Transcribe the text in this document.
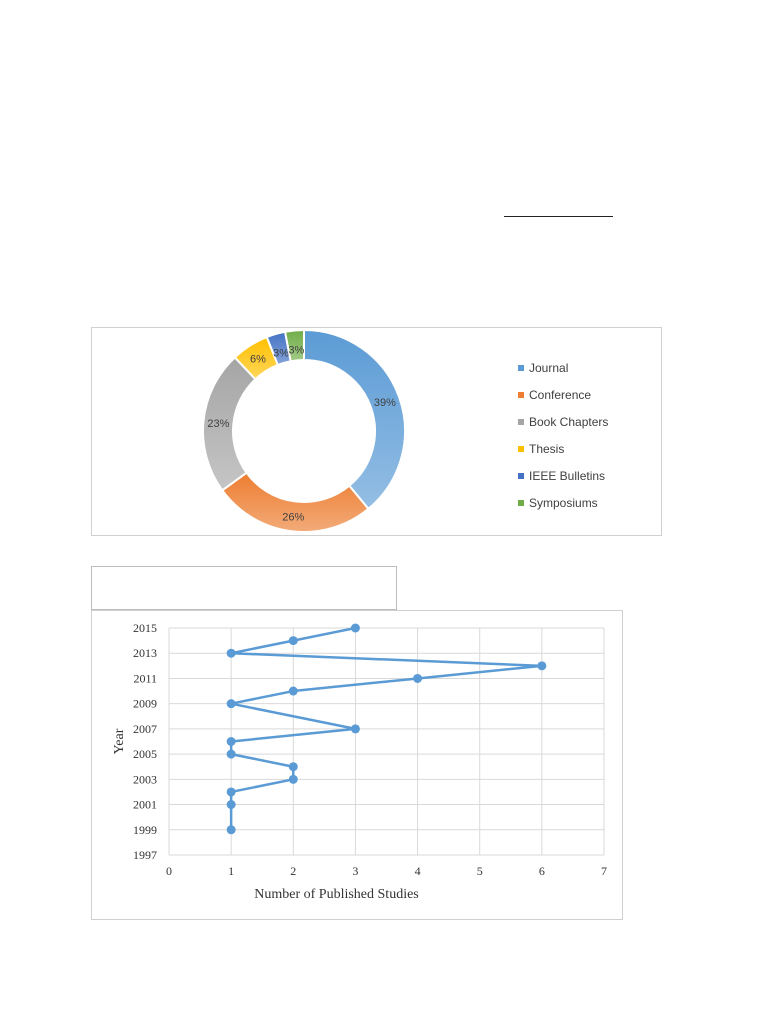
39%
26%
23%
6%
3% 3%
0	1	2	3	4	5	6	7
1997
1999
2001
2003
2005
2007
2009
2011
2013
2015
Number of Published Studies
Year
Journal
Conference
Book Chapters
Thesis
IEEE Bulletins
Symposiums
